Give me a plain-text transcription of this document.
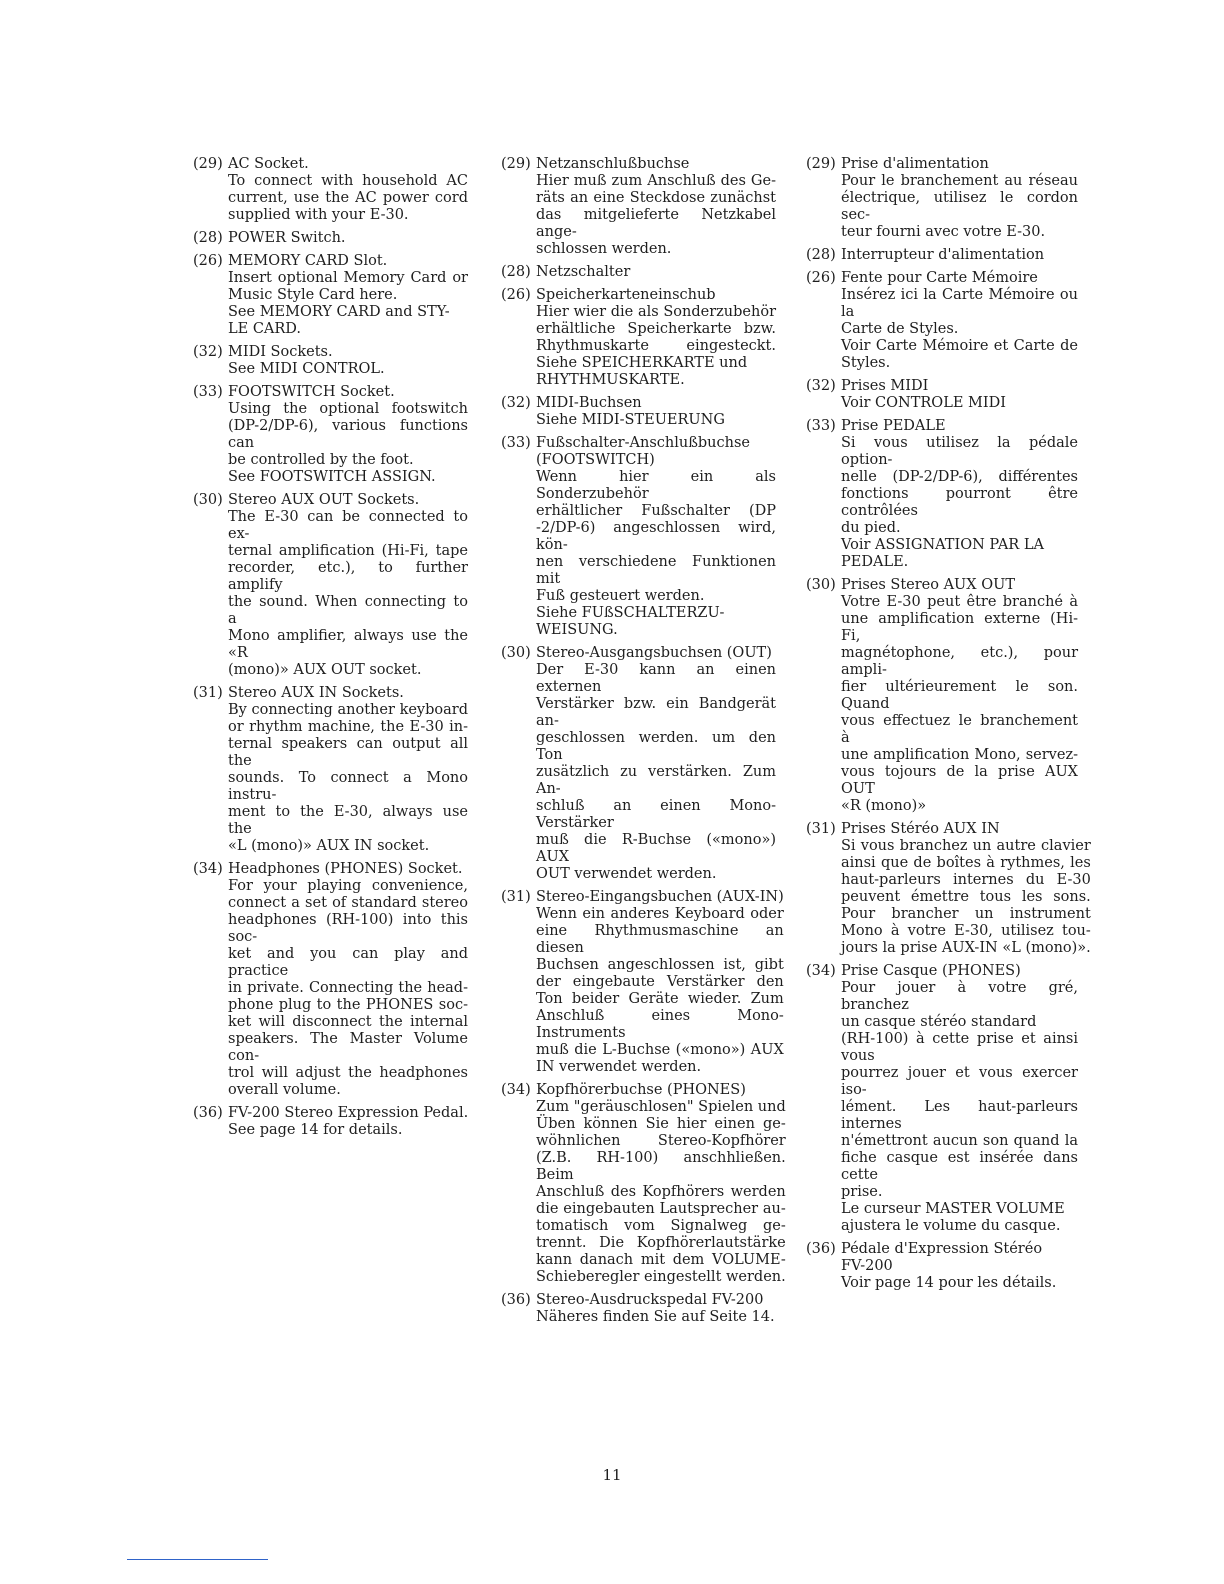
(29) AC Socket.
To connect with household AC
current, use the AC power cord
supplied with your E-30.
(28) POWER Switch.
(26) MEMORY CARD Slot.
Insert optional Memory Card or
Music Style Card here.
See MEMORY CARD and STY-
LE CARD.
(32) MIDI Sockets.
See MIDI CONTROL.
(33) FOOTSWITCH Socket.
Using the optional footswitch
(DP-2/DP-6), various functions can
be controlled by the foot.
See FOOTSWITCH ASSIGN.
(30) Stereo AUX OUT Sockets.
The E-30 can be connected to ex-
ternal amplification (Hi-Fi, tape
recorder, etc.), to further amplify
the sound. When connecting to a
Mono amplifier, always use the «R
(mono)» AUX OUT socket.
(31) Stereo AUX IN Sockets.
By connecting another keyboard
or rhythm machine, the E-30 in-
ternal speakers can output all the
sounds. To connect a Mono instru-
ment to the E-30, always use the
«L (mono)» AUX IN socket.
(34) Headphones (PHONES) Socket.
For your playing convenience,
connect a set of standard stereo
headphones (RH-100) into this soc-
ket and you can play and practice
in private. Connecting the head-
phone plug to the PHONES soc-
ket will disconnect the internal
speakers. The Master Volume con-
trol will adjust the headphones
overall volume.
(36) FV-200 Stereo Expression Pedal.
See page 14 for details.
(29) Netzanschlußbuchse
Hier muß zum Anschluß des Ge-
räts an eine Steckdose zunächst
das mitgelieferte Netzkabel ange-
schlossen werden.
(28) Netzschalter
(26) Speicherkarteneinschub
Hier wier die als Sonderzubehör
erhältliche Speicherkarte bzw.
Rhythmuskarte eingesteckt.
Siehe SPEICHERKARTE und
RHYTHMUSKARTE.
(32) MIDI-Buchsen
Siehe MIDI-STEUERUNG
(33) Fußschalter-Anschlußbuchse
(FOOTSWITCH)
Wenn hier ein als Sonderzubehör
erhältlicher Fußschalter (DP
-2/DP-6) angeschlossen wird, kön-
nen verschiedene Funktionen mit
Fuß gesteuert werden.
Siehe FUßSCHALTERZU-
WEISUNG.
(30) Stereo-Ausgangsbuchsen (OUT)
Der E-30 kann an einen externen
Verstärker bzw. ein Bandgerät an-
geschlossen werden. um den Ton
zusätzlich zu verstärken. Zum An-
schluß an einen Mono-Verstärker
muß die R-Buchse («mono») AUX
OUT verwendet werden.
(31) Stereo-Eingangsbuchen (AUX-IN)
Wenn ein anderes Keyboard oder
eine Rhythmusmaschine an diesen
Buchsen angeschlossen ist, gibt
der eingebaute Verstärker den
Ton beider Geräte wieder. Zum
Anschluß eines Mono-Instruments
muß die L-Buchse («mono») AUX
IN verwendet werden.
(34) Kopfhörerbuchse (PHONES)
Zum "geräuschlosen" Spielen und
Üben können Sie hier einen ge-
wöhnlichen Stereo-Kopfhörer
(Z.B. RH-100) anschhließen. Beim
Anschluß des Kopfhörers werden
die eingebauten Lautsprecher au-
tomatisch vom Signalweg ge-
trennt. Die Kopfhörerlautstärke
kann danach mit dem VOLUME-
Schieberegler eingestellt werden.
(36) Stereo-Ausdruckspedal FV-200
Näheres finden Sie auf Seite 14.
(29) Prise d'alimentation
Pour le branchement au réseau
électrique, utilisez le cordon sec-
teur fourni avec votre E-30.
(28) Interrupteur d'alimentation
(26) Fente pour Carte Mémoire
Insérez ici la Carte Mémoire ou la
Carte de Styles.
Voir Carte Mémoire et Carte de
Styles.
(32) Prises MIDI
Voir CONTROLE MIDI
(33) Prise PEDALE
Si vous utilisez la pédale option-
nelle (DP-2/DP-6), différentes
fonctions pourront être contrôlées
du pied.
Voir ASSIGNATION PAR LA
PEDALE.
(30) Prises Stereo AUX OUT
Votre E-30 peut être branché à
une amplification externe (Hi-Fi,
magnétophone, etc.), pour ampli-
fier ultérieurement le son. Quand
vous effectuez le branchement à
une amplification Mono, servez-
vous tojours de la prise AUX OUT
«R (mono)»
(31) Prises Stéréo AUX IN
Si vous branchez un autre clavier
ainsi que de boîtes à rythmes, les
haut-parleurs internes du E-30
peuvent émettre tous les sons.
Pour brancher un instrument
Mono à votre E-30, utilisez tou-
jours la prise AUX-IN «L (mono)».
(34) Prise Casque (PHONES)
Pour jouer à votre gré, branchez
un casque stéréo standard
(RH-100) à cette prise et ainsi vous
pourrez jouer et vous exercer iso-
lément. Les haut-parleurs internes
n'émettront aucun son quand la
fiche casque est insérée dans cette
prise.
Le curseur MASTER VOLUME
ajustera le volume du casque.
(36) Pédale d'Expression Stéréo
FV-200
Voir page 14 pour les détails.
11
